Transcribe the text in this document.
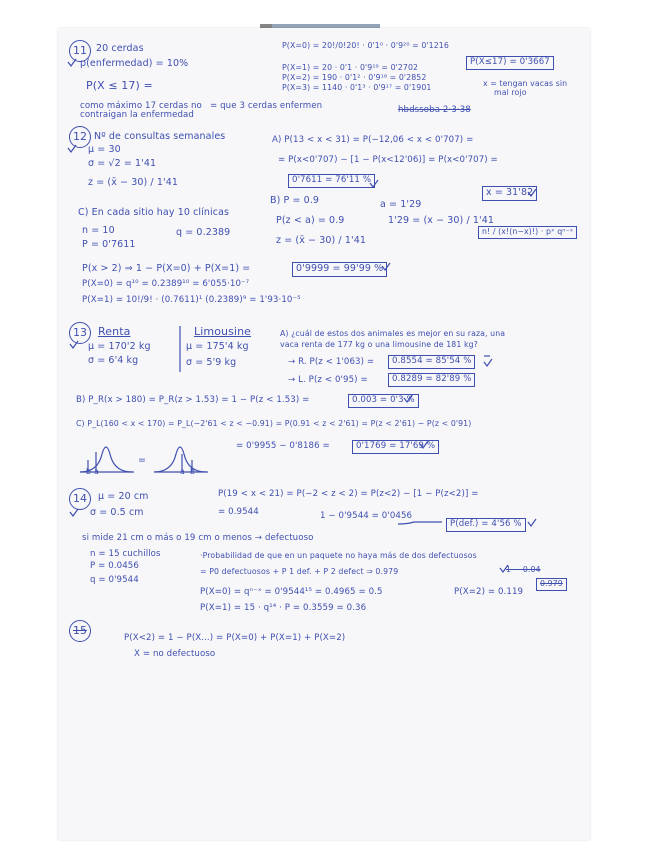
11 20 cerdas
p(enfermedad) = 10%
P(X ≤ 17) =
como máximo 17 cerdas no
contraigan la enfermedad
= que 3 cerdas enfermen
P(X=0) = 20!/0!20! · 0'1⁰ · 0'9²⁰ = 0'1216
P(X=1) = 20 · 0'1 · 0'9¹⁹ = 0'2702
P(X=2) = 190 · 0'1² · 0'9¹⁸ = 0'2852
P(X=3) = 1140 · 0'1³ · 0'9¹⁷ = 0'1901
P(X≤17) = 0'3667
x = tengan vacas sin
mal rojo
hbdssoba 2·3·38
12 Nº de consultas semanales
μ = 30
σ = √2 = 1'41
z = (x̄ − 30) / 1'41
A) P(13 < x < 31) = P(−12,06 < x < 0'707) =
= P(x<0'707) − [1 − P(x<12'06)] = P(x<0'707) =
0'7611 = 76'11 %
B) P = 0.9	a = 1'29
x = 31'82
P(z < a) = 0.9	1'29 = (x − 30) / 1'41
z = (x̄ − 30) / 1'41
n! / (x!(n−x)!) · pˣ qⁿ⁻ˣ
C) En cada sitio hay 10 clínicas
n = 10	q = 0.2389
P = 0'7611
P(x > 2) ⇒ 1 − P(X=0) + P(X=1) =	0'9999 = 99'99 %
P(X=0) = q¹⁰ = 0.2389¹⁰ = 6'055·10⁻⁷
P(X=1) = 10!/9! · (0.7611)¹ (0.2389)⁹ = 1'93·10⁻⁵
13	Renta
μ = 170'2 kg
σ = 6'4 kg
Limousine
μ = 175'4 kg
σ = 5'9 kg
A) ¿cuál de estos dos animales es mejor en su raza, una
vaca renta de 177 kg o una limousine de 181 kg?
→ R. P(z < 1'063) =	0.8554 = 85'54 %
→ L. P(z < 0'95) =	0.8289 = 82'89 %
B) P_R(x > 180) = P_R(z > 1.53) = 1 − P(z < 1.53) =	0.003 = 0'3 %
C) P_L(160 < x < 170) = P_L(−2'61 < z < −0.91) = P(0.91 < z < 2'61) = P(z < 2'61) − P(z < 0'91)
= 0'9955 − 0'8186 =	0'1769 = 17'69 %
b a
=
a b
14	μ = 20 cm
σ = 0.5 cm
P(19 < x < 21) = P(−2 < z < 2) = P(z<2) − [1 − P(z<2)] =
= 0.9544	1 − 0'9544 = 0'0456
P(def.) = 4'56 %
si mide 21 cm o más o 19 cm o menos → defectuoso
n = 15 cuchillos
P = 0.0456
q = 0'9544
·Probabilidad de que en un paquete no haya más de dos defectuosos
= P0 defectuosos + P 1 def. + P 2 defect ⇒ 0.979	1 − 0.04
0.979
P(X=0) = qⁿ⁻ˣ = 0'9544¹⁵ = 0.4965 = 0.5	P(X=2) = 0.119
P(X=1) = 15 · q¹⁴ · P = 0.3559 = 0.36
15
P(X<2) = 1 − P(X...) = P(X=0) + P(X=1) + P(X=2)
X = no defectuoso
